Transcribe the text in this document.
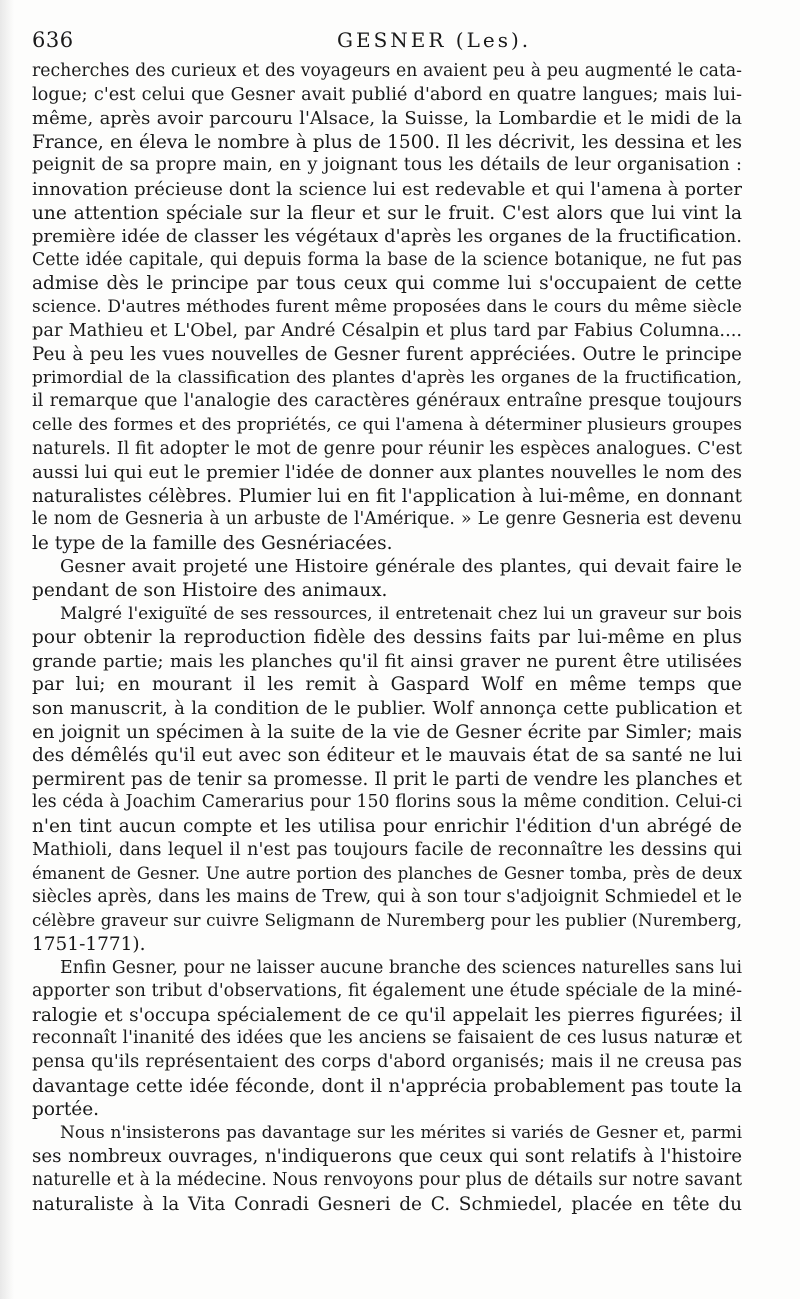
636	GESNER (Les).
recherches des curieux et des voyageurs en avaient peu à peu augmenté le cata-
logue; c'est celui que Gesner avait publié d'abord en quatre langues; mais lui-
même, après avoir parcouru l'Alsace, la Suisse, la Lombardie et le midi de la
France, en éleva le nombre à plus de 1500. Il les décrivit, les dessina et les
peignit de sa propre main, en y joignant tous les détails de leur organisation :
innovation précieuse dont la science lui est redevable et qui l'amena à porter
une attention spéciale sur la fleur et sur le fruit. C'est alors que lui vint la
première idée de classer les végétaux d'après les organes de la fructification.
Cette idée capitale, qui depuis forma la base de la science botanique, ne fut pas
admise dès le principe par tous ceux qui comme lui s'occupaient de cette
science. D'autres méthodes furent même proposées dans le cours du même siècle
par Mathieu et L'Obel, par André Césalpin et plus tard par Fabius Columna....
Peu à peu les vues nouvelles de Gesner furent appréciées. Outre le principe
primordial de la classification des plantes d'après les organes de la fructification,
il remarque que l'analogie des caractères généraux entraîne presque toujours
celle des formes et des propriétés, ce qui l'amena à déterminer plusieurs groupes
naturels. Il fit adopter le mot de genre pour réunir les espèces analogues. C'est
aussi lui qui eut le premier l'idée de donner aux plantes nouvelles le nom des
naturalistes célèbres. Plumier lui en fit l'application à lui-même, en donnant
le nom de Gesneria à un arbuste de l'Amérique. » Le genre Gesneria est devenu
le type de la famille des Gesnériacées.
Gesner avait projeté une Histoire générale des plantes, qui devait faire le
pendant de son Histoire des animaux.
Malgré l'exiguïté de ses ressources, il entretenait chez lui un graveur sur bois
pour obtenir la reproduction fidèle des dessins faits par lui-même en plus
grande partie; mais les planches qu'il fit ainsi graver ne purent être utilisées
par lui; en mourant il les remit à Gaspard Wolf en même temps que
son manuscrit, à la condition de le publier. Wolf annonça cette publication et
en joignit un spécimen à la suite de la vie de Gesner écrite par Simler; mais
des démêlés qu'il eut avec son éditeur et le mauvais état de sa santé ne lui
permirent pas de tenir sa promesse. Il prit le parti de vendre les planches et
les céda à Joachim Camerarius pour 150 florins sous la même condition. Celui-ci
n'en tint aucun compte et les utilisa pour enrichir l'édition d'un abrégé de
Mathioli, dans lequel il n'est pas toujours facile de reconnaître les dessins qui
émanent de Gesner. Une autre portion des planches de Gesner tomba, près de deux
siècles après, dans les mains de Trew, qui à son tour s'adjoignit Schmiedel et le
célèbre graveur sur cuivre Seligmann de Nuremberg pour les publier (Nuremberg,
1751-1771).
Enfin Gesner, pour ne laisser aucune branche des sciences naturelles sans lui
apporter son tribut d'observations, fit également une étude spéciale de la miné-
ralogie et s'occupa spécialement de ce qu'il appelait les pierres figurées; il
reconnaît l'inanité des idées que les anciens se faisaient de ces lusus naturæ et
pensa qu'ils représentaient des corps d'abord organisés; mais il ne creusa pas
davantage cette idée féconde, dont il n'apprécia probablement pas toute la
portée.
Nous n'insisterons pas davantage sur les mérites si variés de Gesner et, parmi
ses nombreux ouvrages, n'indiquerons que ceux qui sont relatifs à l'histoire
naturelle et à la médecine. Nous renvoyons pour plus de détails sur notre savant
naturaliste à la Vita Conradi Gesneri de C. Schmiedel, placée en tête du
